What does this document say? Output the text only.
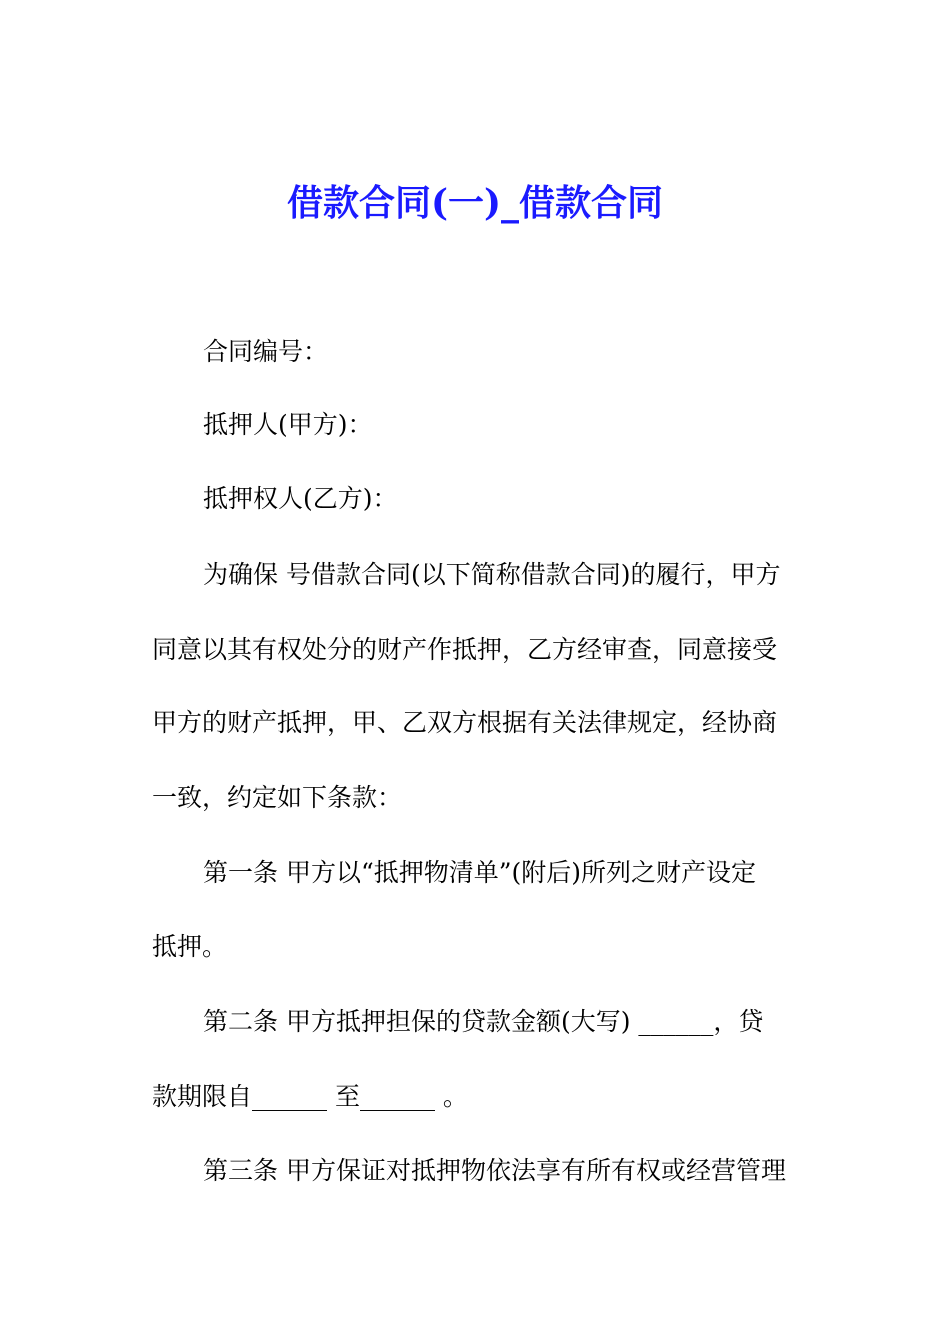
借款合同(一)_借款合同
合同编号：
抵押人(甲方)：
抵押权人(乙方)：
为确保 号借款合同(以下简称借款合同)的履行，甲方
同意以其有权处分的财产作抵押，乙方经审查，同意接受
甲方的财产抵押，甲、乙双方根据有关法律规定，经协商
一致，约定如下条款：
第一条 甲方以“抵押物清单”(附后)所列之财产设定
抵押。
第二条 甲方抵押担保的贷款金额(大写) ______，贷
款期限自______ 至______ 。
第三条 甲方保证对抵押物依法享有所有权或经营管理
